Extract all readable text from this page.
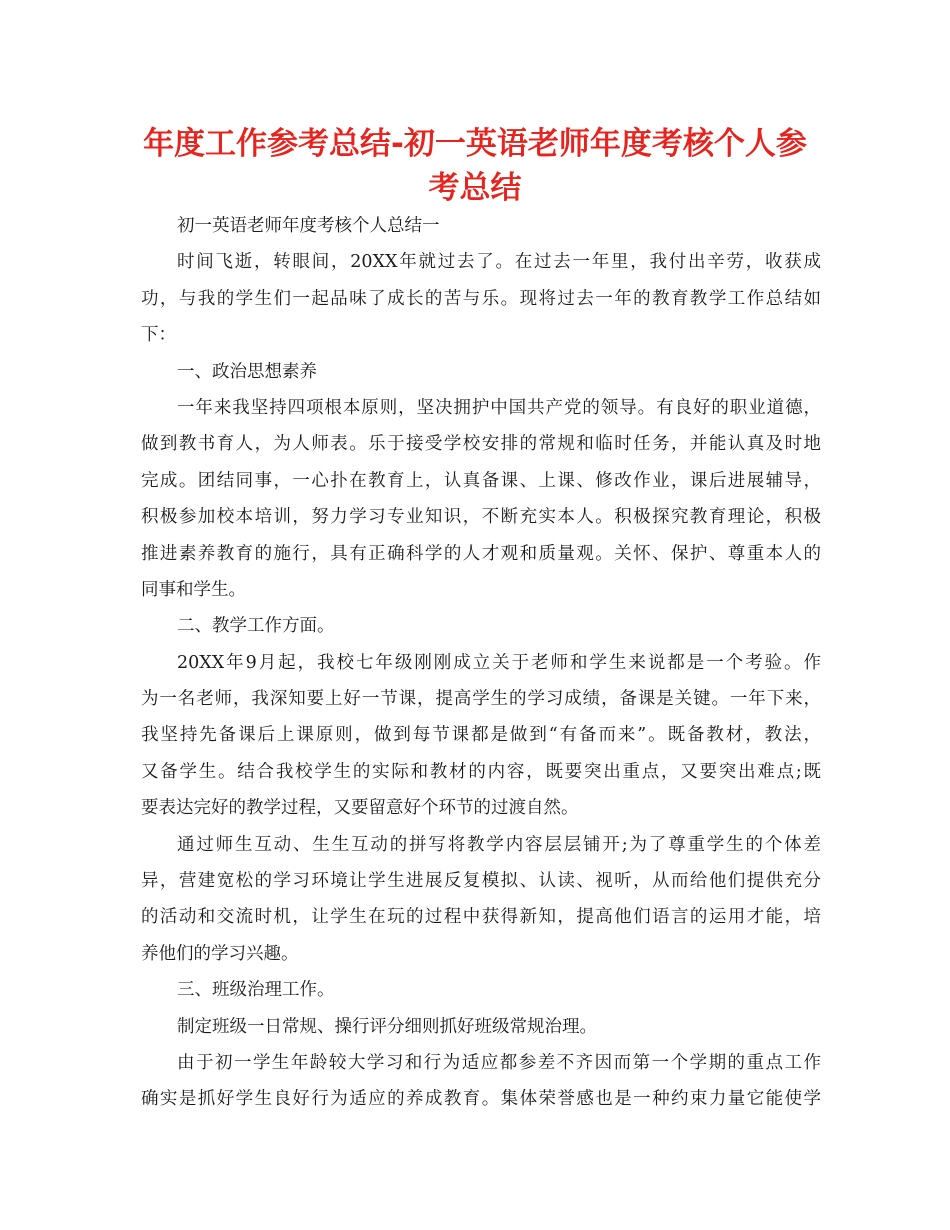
年度工作参考总结-初一英语老师年度考核个人参
考总结
初一英语老师年度考核个人总结一
时间飞逝，转眼间，20XX年就过去了。在过去一年里，我付出辛劳，收获成
功，与我的学生们一起品味了成长的苦与乐。现将过去一年的教育教学工作总结如
下：
一、政治思想素养
一年来我坚持四项根本原则，坚决拥护中国共产党的领导。有良好的职业道德，
做到教书育人，为人师表。乐于接受学校安排的常规和临时任务，并能认真及时地
完成。团结同事，一心扑在教育上，认真备课、上课、修改作业，课后进展辅导，
积极参加校本培训，努力学习专业知识，不断充实本人。积极探究教育理论，积极
推进素养教育的施行，具有正确科学的人才观和质量观。关怀、保护、尊重本人的
同事和学生。
二、教学工作方面。
20XX年9月起，我校七年级刚刚成立关于老师和学生来说都是一个考验。作
为一名老师，我深知要上好一节课，提高学生的学习成绩，备课是关键。一年下来，
我坚持先备课后上课原则，做到每节课都是做到“有备而来”。既备教材，教法，
又备学生。结合我校学生的实际和教材的内容，既要突出重点，又要突出难点;既
要表达完好的教学过程，又要留意好个环节的过渡自然。
通过师生互动、生生互动的拼写将教学内容层层铺开;为了尊重学生的个体差
异，营建宽松的学习环境让学生进展反复模拟、认读、视听，从而给他们提供充分
的活动和交流时机，让学生在玩的过程中获得新知，提高他们语言的运用才能，培
养他们的学习兴趣。
三、班级治理工作。
制定班级一日常规、操行评分细则抓好班级常规治理。
由于初一学生年龄较大学习和行为适应都参差不齐因而第一个学期的重点工作
确实是抓好学生良好行为适应的养成教育。集体荣誉感也是一种约束力量它能使学
